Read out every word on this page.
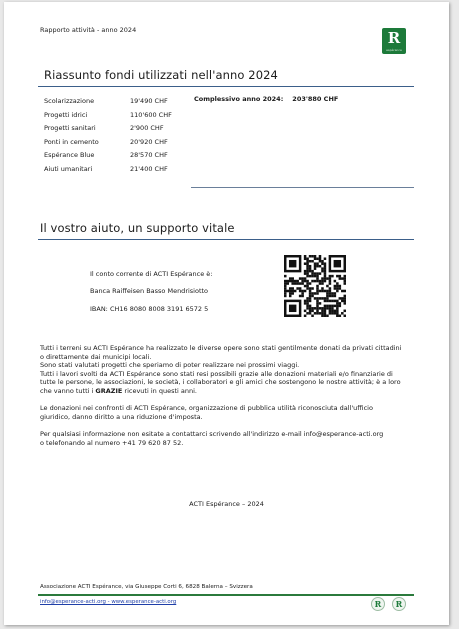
Rapporto attività - anno 2024	R
espérance
Riassunto fondi utilizzati nell'anno 2024
Scolarizzazione	19'490 CHF
Progetti idrici	110'600 CHF
Progetti sanitari	2'900 CHF
Ponti in cemento	20'920 CHF
Espérance Blue	28'570 CHF
Aiuti umanitari	21'400 CHF
Complessivo anno 2024: 203'880 CHF
Il vostro aiuto, un supporto vitale
Il conto corrente di ACTI Espérance è:
Banca Raiffeisen Basso Mendrisiotto
IBAN: CH16 8080 8008 3191 6572 5

Tutti i terreni su ACTI Espérance ha realizzato le diverse opere sono stati gentilmente donati da privati cittadini
o direttamente dai municipi locali.
Sono stati valutati progetti che speriamo di poter realizzare nei prossimi viaggi.
Tutti i lavori svolti da ACTI Espérance sono stati resi possibili grazie alle donazioni materiali e/o finanziarie di
tutte le persone, le associazioni, le società, i collaboratori e gli amici che sostengono le nostre attività; è a loro
che vanno tutti i GRAZIE ricevuti in questi anni.

Le donazioni nei confronti di ACTI Espérance, organizzazione di pubblica utilità riconosciuta dall'ufficio
giuridico, danno diritto a una riduzione d'imposta.

Per qualsiasi informazione non esitate a contattarci scrivendo all'indirizzo e-mail info@esperance-acti.org
o telefonando al numero +41 79 620 87 52.

ACTI Espérance – 2024
Associazione ACTI Espérance, via Giuseppe Corti 6, 6828 Balerna – Svizzera
info@esperance-acti.org - www.esperance-acti.org	R	R
